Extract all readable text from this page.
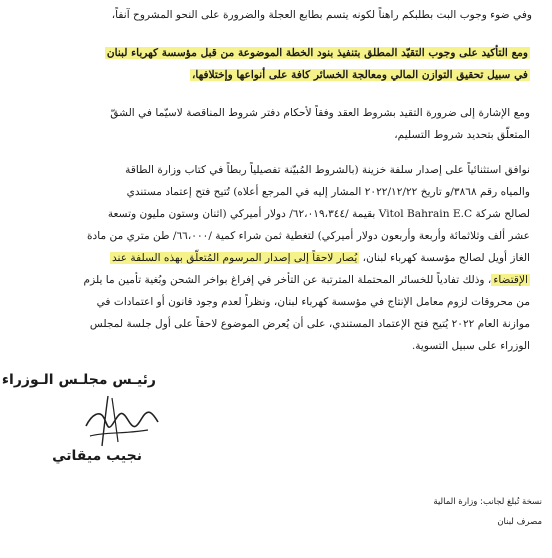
وفي ضوء وجوب البت بطلبكم راهناً لكونه يتسم بطابع العجلة والضرورة على النحو المشروح آنفاً،
ومع التأكيد على وجوب التقيّد المطلق بتنفيذ بنود الخطة الموضوعة من قبل مؤسسة كهرباء لبنان
في سبيل تحقيق التوازن المالي ومعالجة الخسائر كافة على أنواعها وإختلافها،
ومع الإشارة إلى ضرورة التقيد بشروط العقد وفقاً لأحكام دفتر شروط المناقصة لاسيّما في الشقّ
المتعلّق بتحديد شروط التسليم،
نوافق استثنائياً على إصدار سلفة خزينة (بالشروط المُبيّنة تفصيلياً ربطاً في كتاب وزارة الطاقة
والمياه رقم ٣٨٦٨/و تاريخ ٢٠٢٢/١٢/٢٢ المشار إليه في المرجع أعلاه) تُتيح فتح إعتماد مستندي
لصالح شركة Vitol Bahrain E.C بقيمة /٦٢،٠١٩،٣٤٤/ دولار أميركي (اثنان وستون مليون وتسعة
عشر ألف وثلاثمائة وأربعة وأربعون دولار أميركي) لتغطية ثمن شراء كمية /٦٦،٠٠٠/ طن متري من مادة
الغاز أويل لصالح مؤسسة كهرباء لبنان، يُصار لاحقاً إلى إصدار المرسوم المُتعلّق بهذه السلفة عند
الإقتضاء، وذلك تفادياً للخسائر المحتملة المترتبة عن التأخر في إفراغ بواخر الشحن وبُغية تأمين ما يلزم
من محروقات لزوم معامل الإنتاج في مؤسسة كهرباء لبنان، ونظراً لعدم وجود قانون أو اعتمادات في
موازنة العام ٢٠٢٢ يُتيح فتح الإعتماد المستندي، على أن يُعرض الموضوع لاحقاً على أول جلسة لمجلس
الوزراء على سبيل التسوية.
رئيـس مجلـس الـوزراء
نجيب ميقاتي
نسخة تُبلغ لجانب: وزارة المالية
مصرف لبنان
